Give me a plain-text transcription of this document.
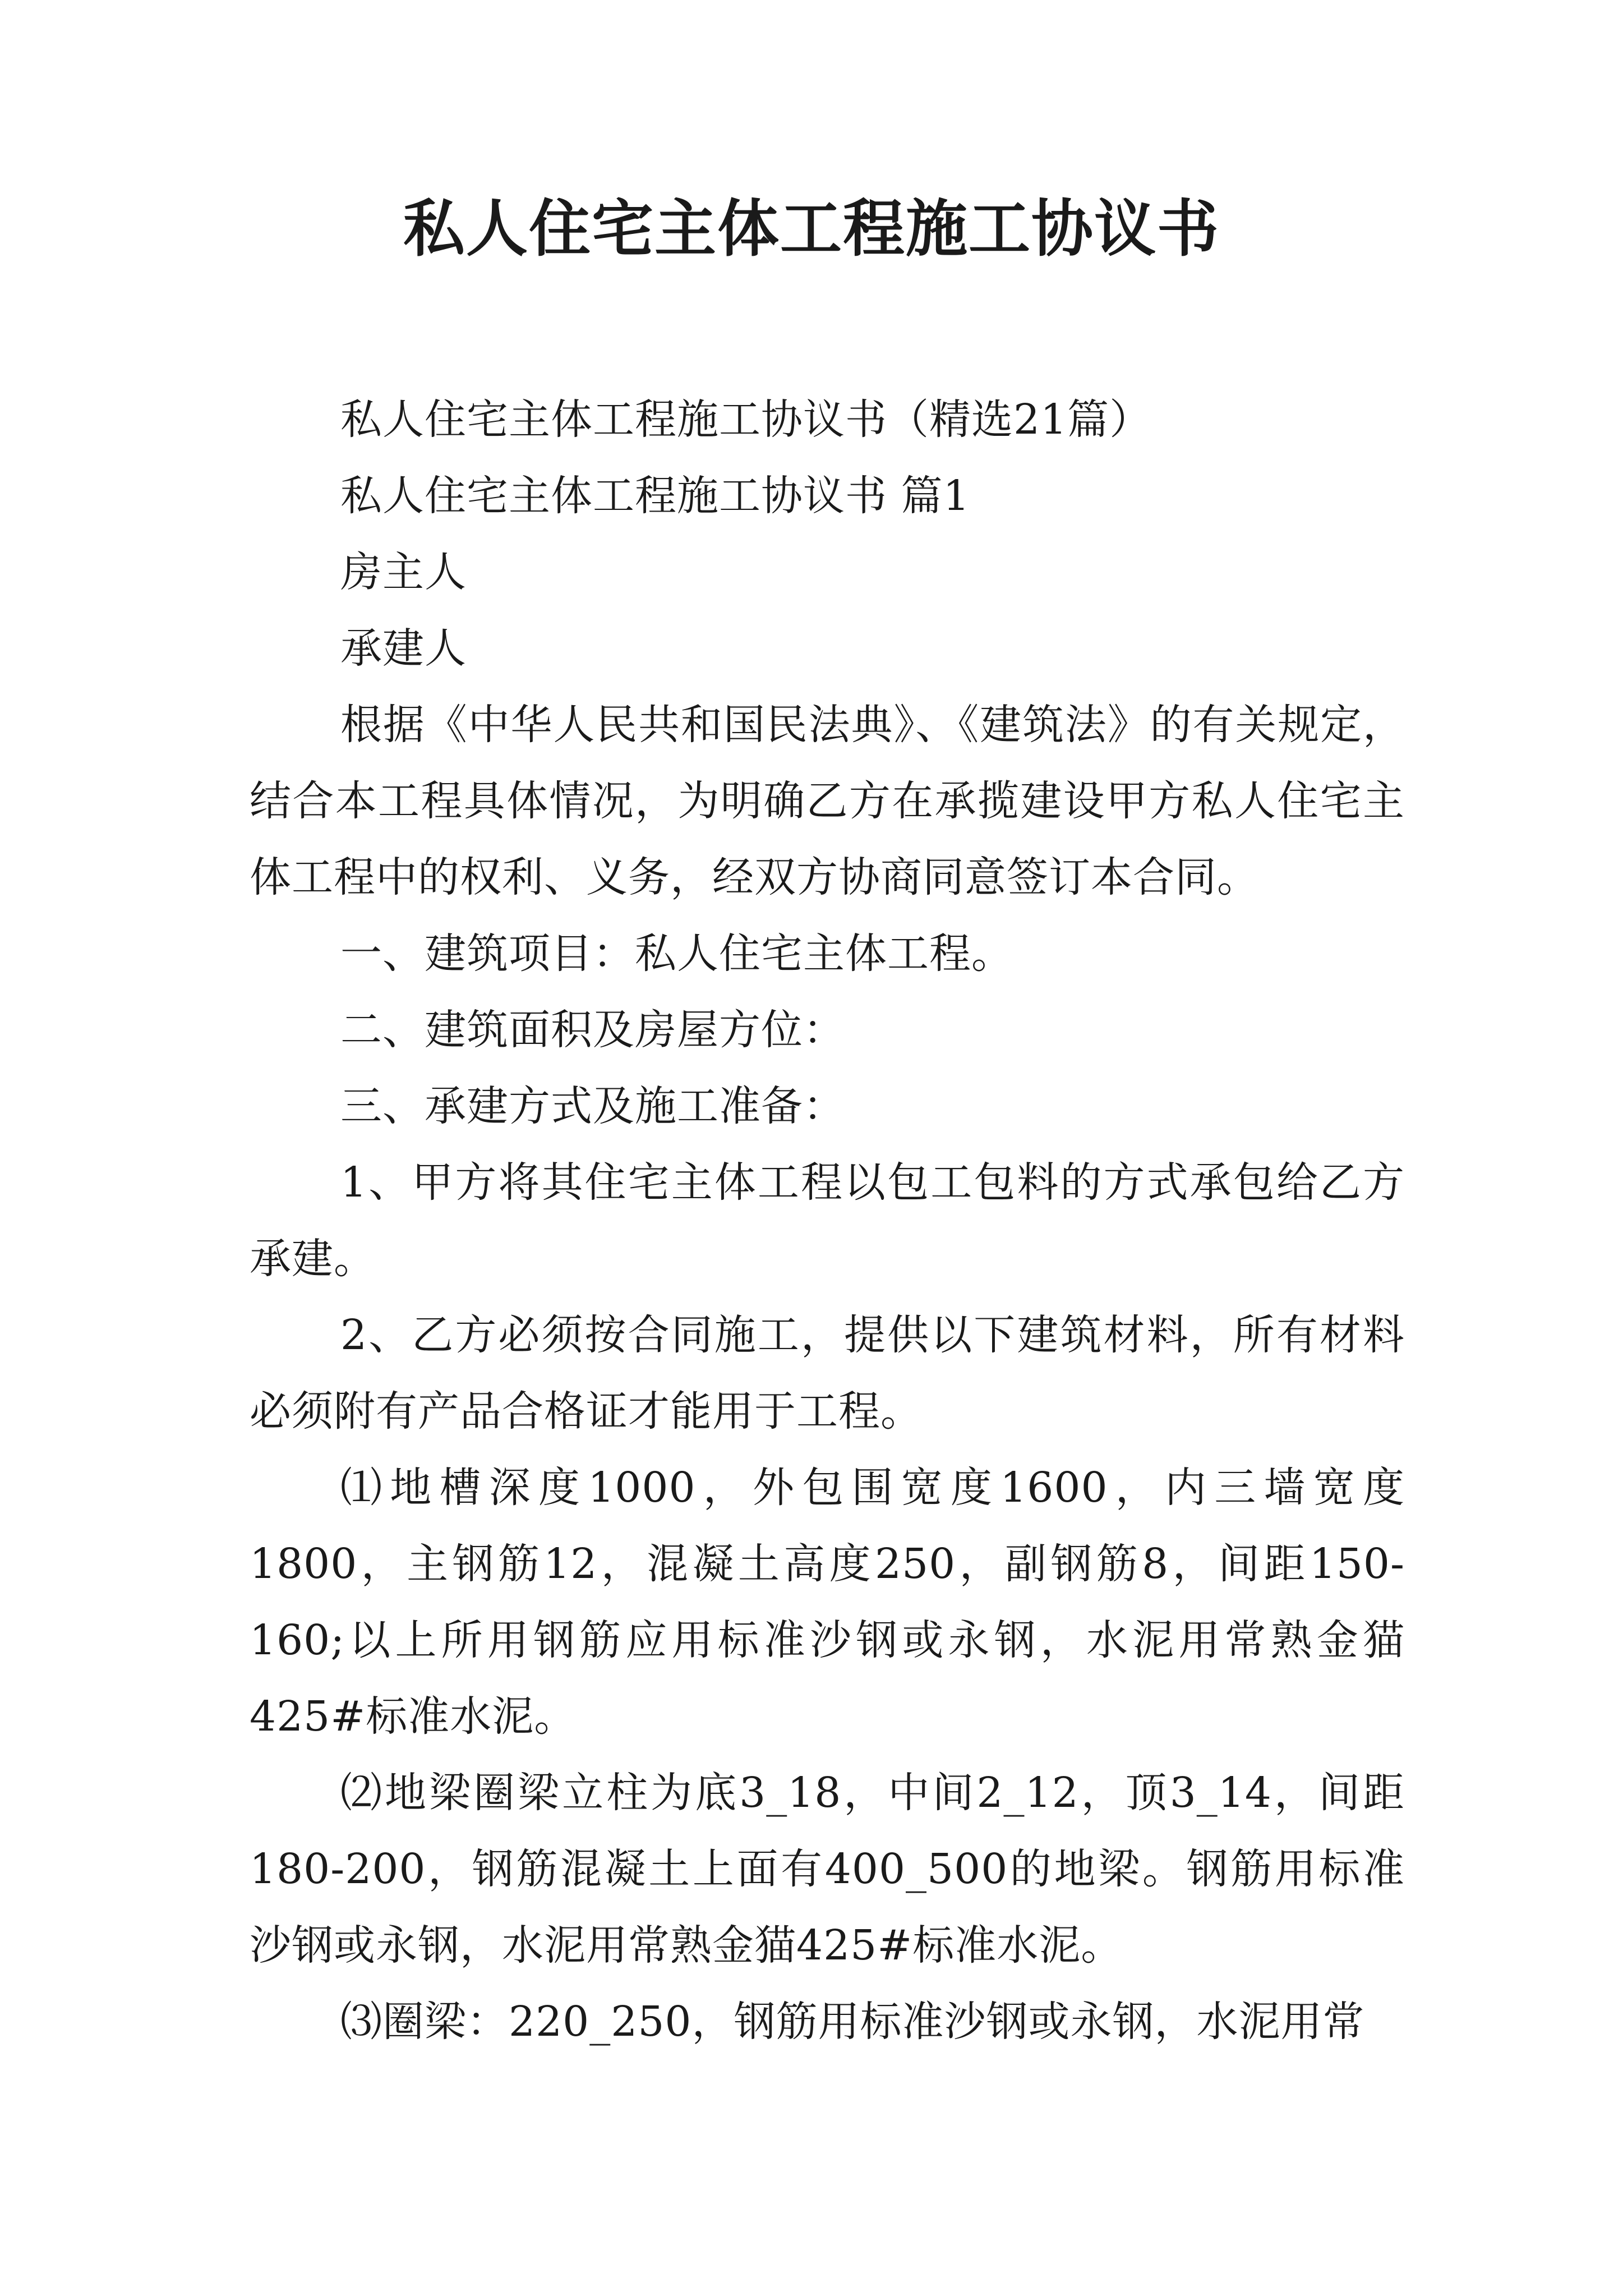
私人住宅主体工程施工协议书

私人住宅主体工程施工协议书（精选21篇）

私人住宅主体工程施工协议书 篇1

房主人

承建人

根据《中华人民共和国民法典》、《建筑法》的有关规定，结合本工程具体情况，为明确乙方在承揽建设甲方私人住宅主体工程中的权利、义务，经双方协商同意签订本合同。

一、建筑项目：私人住宅主体工程。

二、建筑面积及房屋方位：

三、承建方式及施工准备：

1、甲方将其住宅主体工程以包工包料的方式承包给乙方承建。

2、乙方必须按合同施工，提供以下建筑材料，所有材料必须附有产品合格证才能用于工程。

⑴地槽深度1000，外包围宽度1600，内三墙宽度1800，主钢筋12，混凝土高度250，副钢筋8，间距150-160;以上所用钢筋应用标准沙钢或永钢，水泥用常熟金猫425#标准水泥。

⑵地梁圈梁立柱为底3_18，中间2_12，顶3_14，间距180-200，钢筋混凝土上面有400_500的地梁。钢筋用标准沙钢或永钢，水泥用常熟金猫425#标准水泥。

⑶圈梁：220_250，钢筋用标准沙钢或永钢，水泥用常
